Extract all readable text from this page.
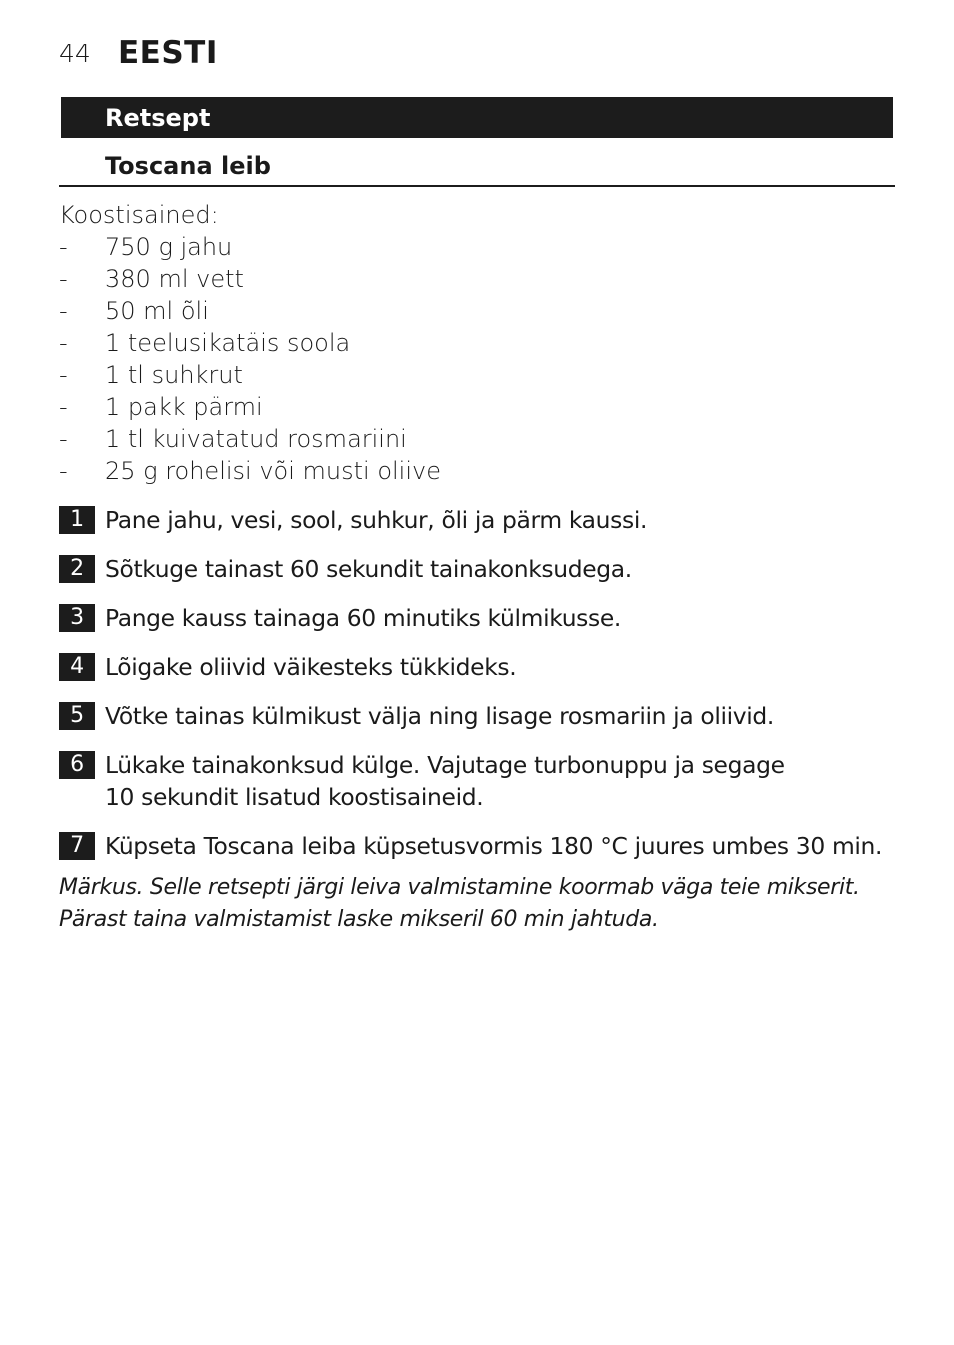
44 EESTI
Retsept
Toscana leib
Koostisained:
- 750 g jahu
- 380 ml vett
- 50 ml õli
- 1 teelusikatäis soola
- 1 tl suhkrut
- 1 pakk pärmi
- 1 tl kuivatatud rosmariini
- 25 g rohelisi või musti oliive
1 Pane jahu, vesi, sool, suhkur, õli ja pärm kaussi.
2 Sõtkuge tainast 60 sekundit tainakonksudega.
3 Pange kauss tainaga 60 minutiks külmikusse.
4 Lõigake oliivid väikesteks tükkideks.
5 Võtke tainas külmikust välja ning lisage rosmariin ja oliivid.
6 Lükake tainakonksud külge. Vajutage turbonuppu ja segage
10 sekundit lisatud koostisaineid.
7 Küpseta Toscana leiba küpsetusvormis 180 °C juures umbes 30 min.

Märkus. Selle retsepti järgi leiva valmistamine koormab väga teie mikserit.
Pärast taina valmistamist laske mikseril 60 min jahtuda.
